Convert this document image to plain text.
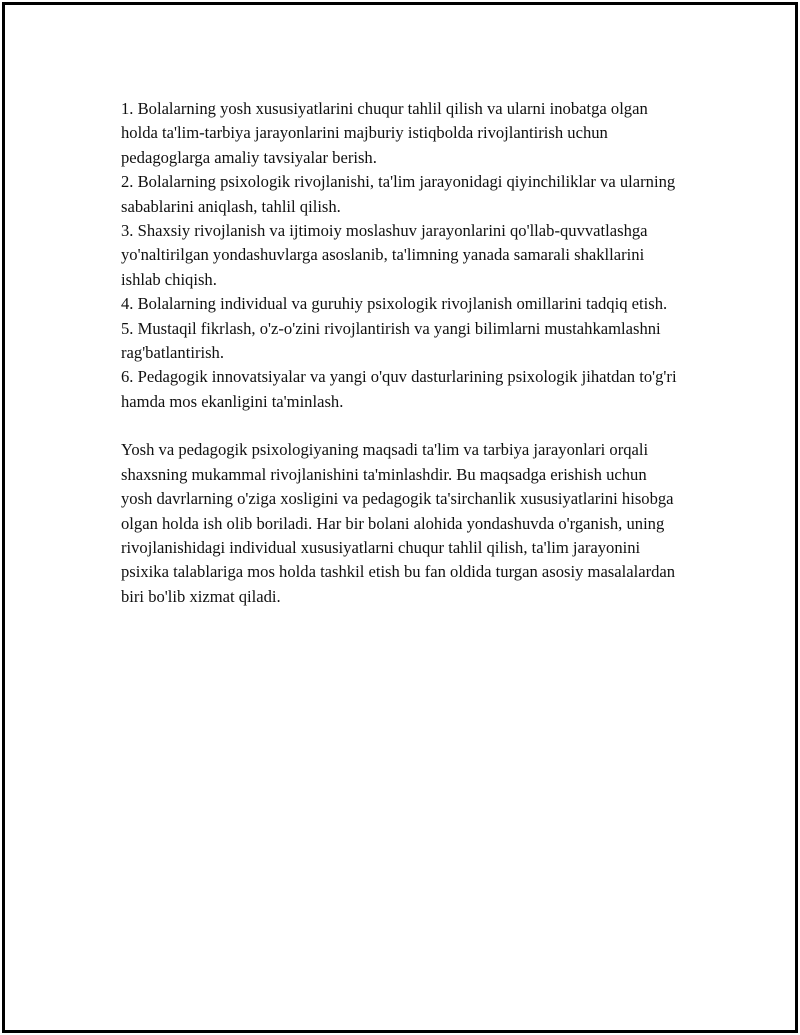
1. Bolalarning yosh xususiyatlarini chuqur tahlil qilish va ularni inobatga olgan holda ta'lim-tarbiya jarayonlarini majburiy istiqbolda rivojlantirish uchun pedagoglarga amaliy tavsiyalar berish.

2. Bolalarning psixologik rivojlanishi, ta'lim jarayonidagi qiyinchiliklar va ularning sabablarini aniqlash, tahlil qilish.

3. Shaxsiy rivojlanish va ijtimoiy moslashuv jarayonlarini qo'llab-quvvatlashga yo'naltirilgan yondashuvlarga asoslanib, ta'limning yanada samarali shakllarini ishlab chiqish.

4. Bolalarning individual va guruhiy psixologik rivojlanish omillarini tadqiq etish.

5. Mustaqil fikrlash, o'z-o'zini rivojlantirish va yangi bilimlarni mustahkamlashni rag'batlantirish.

6. Pedagogik innovatsiyalar va yangi o'quv dasturlarining psixologik jihatdan to'g'ri hamda mos ekanligini ta'minlash.

Yosh va pedagogik psixologiyaning maqsadi ta'lim va tarbiya jarayonlari orqali shaxsning mukammal rivojlanishini ta'minlashdir. Bu maqsadga erishish uchun yosh davrlarning o'ziga xosligini va pedagogik ta'sirchanlik xususiyatlarini hisobga olgan holda ish olib boriladi. Har bir bolani alohida yondashuvda o'rganish, uning rivojlanishidagi individual xususiyatlarni chuqur tahlil qilish, ta'lim jarayonini psixika talablariga mos holda tashkil etish bu fan oldida turgan asosiy masalalardan biri bo'lib xizmat qiladi.
